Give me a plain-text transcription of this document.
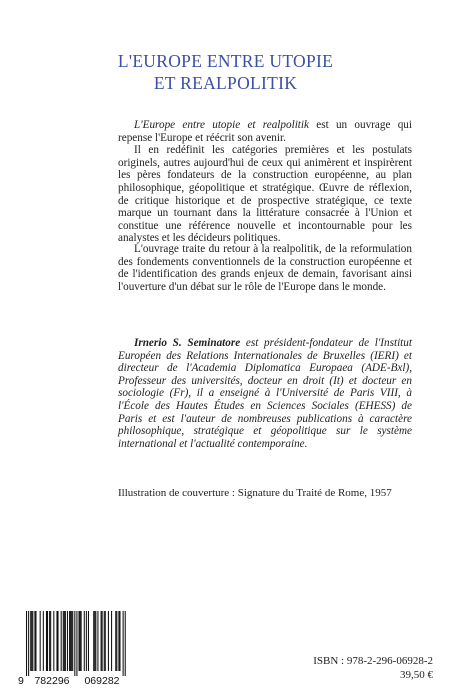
L'EUROPE ENTRE UTOPIE
ET REALPOLITIK

L'Europe entre utopie et realpolitik est un ouvrage qui repense l'Europe et réécrit son avenir.

Il en redéfinit les catégories premières et les postulats originels, autres aujourd'hui de ceux qui animèrent et inspirèrent les pères fondateurs de la construction européenne, au plan philosophique, géopolitique et stratégique. Œuvre de réflexion, de critique historique et de prospective stratégique, ce texte marque un tournant dans la littérature consacrée à l'Union et constitue une référence nouvelle et incontournable pour les analystes et les décideurs politiques.

L'ouvrage traite du retour à la realpolitik, de la reformulation des fondements conventionnels de la construction européenne et de l'identification des grands enjeux de demain, favorisant ainsi l'ouverture d'un débat sur le rôle de l'Europe dans le monde.

Irnerio S. Seminatore est président-fondateur de l'Institut Européen des Relations Internationales de Bruxelles (IERI) et directeur de l'Academia Diplomatica Europaea (ADE-Bxl), Professeur des universités, docteur en droit (It) et docteur en sociologie (Fr), il a enseigné à l'Université de Paris VIII, à l'École des Hautes Études en Sciences Sociales (EHESS) de Paris et est l'auteur de nombreuses publications à caractère philosophique, stratégique et géopolitique sur le système international et l'actualité contemporaine.

Illustration de couverture : Signature du Traité de Rome, 1957
9 782296 069282
ISBN : 978-2-296-06928-2
39,50 €
